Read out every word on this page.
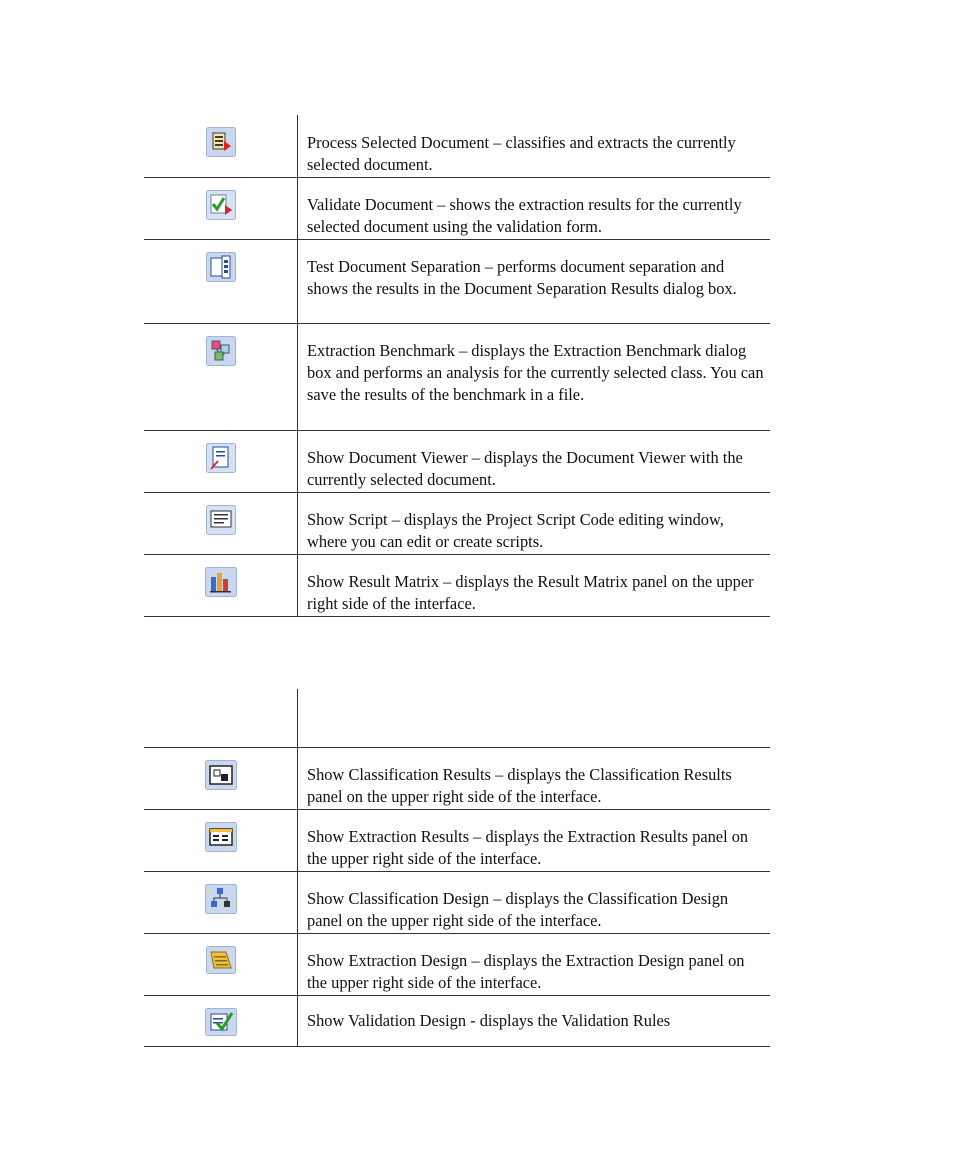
Process Selected Document – classifies and extracts the currently selected document.
Validate Document – shows the extraction results for the currently selected document using the validation form.
Test Document Separation – performs document separation and shows the results in the Document Separation Results dialog box.
Extraction Benchmark – displays the Extraction Benchmark dialog box and performs an analysis for the currently selected class. You can save the results of the benchmark in a file.
Show Document Viewer – displays the Document Viewer with the currently selected document.
Show Script – displays the Project Script Code editing window, where you can edit or create scripts.
Show Result Matrix – displays the Result Matrix panel on the upper right side of the interface.
Show Classification Results – displays the Classification Results panel on the upper right side of the interface.
Show Extraction Results – displays the Extraction Results panel on the upper right side of the interface.
Show Classification Design – displays the Classification Design panel on the upper right side of the interface.
Show Extraction Design – displays the Extraction Design panel on the upper right side of the interface.
Show Validation Design - displays the Validation Rules
